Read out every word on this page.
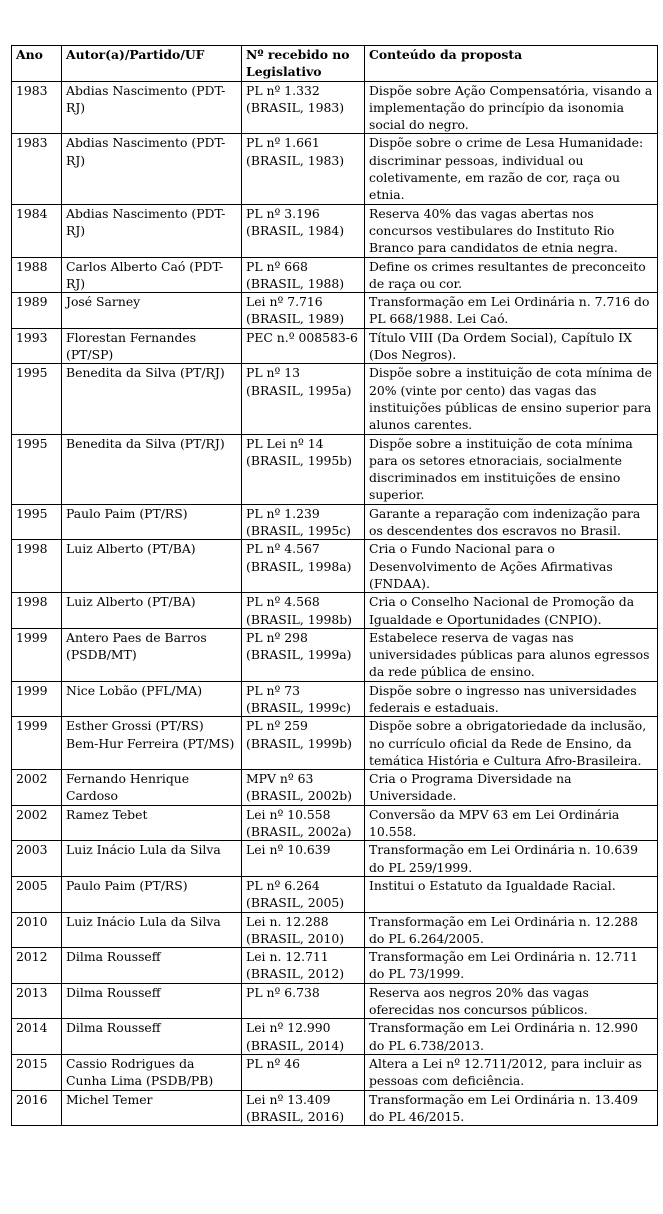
Ano	Autor(a)/Partido/UF	Nº recebido no Legislativo	Conteúdo da proposta
1983	Abdias Nascimento (PDT-RJ)	PL nº 1.332 (BRASIL, 1983)	Dispõe sobre Ação Compensatória, visando a implementação do princípio da isonomia social do negro.
1983	Abdias Nascimento (PDT-RJ)	PL nº 1.661 (BRASIL, 1983)	Dispõe sobre o crime de Lesa Humanidade: discriminar pessoas, individual ou coletivamente, em razão de cor, raça ou etnia.
1984	Abdias Nascimento (PDT-RJ)	PL nº 3.196 (BRASIL, 1984)	Reserva 40% das vagas abertas nos concursos vestibulares do Instituto Rio Branco para candidatos de etnia negra.
1988	Carlos Alberto Caó (PDT-RJ)	PL nº 668 (BRASIL, 1988)	Define os crimes resultantes de preconceito de raça ou cor.
1989	José Sarney	Lei nº 7.716 (BRASIL, 1989)	Transformação em Lei Ordinária n. 7.716 do PL 668/1988. Lei Caó.
1993	Florestan Fernandes (PT/SP)	PEC n.º 008583-6	Título VIII (Da Ordem Social), Capítulo IX (Dos Negros).
1995	Benedita da Silva (PT/RJ)	PL nº 13 (BRASIL, 1995a)	Dispõe sobre a instituição de cota mínima de 20% (vinte por cento) das vagas das instituições públicas de ensino superior para alunos carentes.
1995	Benedita da Silva (PT/RJ)	PL Lei nº 14 (BRASIL, 1995b)	Dispõe sobre a instituição de cota mínima para os setores etnoraciais, socialmente discriminados em instituições de ensino superior.
1995	Paulo Paim (PT/RS)	PL nº 1.239 (BRASIL, 1995c)	Garante a reparação com indenização para os descendentes dos escravos no Brasil.
1998	Luiz Alberto (PT/BA)	PL nº 4.567 (BRASIL, 1998a)	Cria o Fundo Nacional para o Desenvolvimento de Ações Afirmativas (FNDAA).
1998	Luiz Alberto (PT/BA)	PL nº 4.568 (BRASIL, 1998b)	Cria o Conselho Nacional de Promoção da Igualdade e Oportunidades (CNPIO).
1999	Antero Paes de Barros (PSDB/MT)	PL nº 298 (BRASIL, 1999a)	Estabelece reserva de vagas nas universidades públicas para alunos egressos da rede pública de ensino.
1999	Nice Lobão (PFL/MA)	PL nº 73 (BRASIL, 1999c)	Dispõe sobre o ingresso nas universidades federais e estaduais.
1999	Esther Grossi (PT/RS) Bem-Hur Ferreira (PT/MS)	PL nº 259 (BRASIL, 1999b)	Dispõe sobre a obrigatoriedade da inclusão, no currículo oficial da Rede de Ensino, da temática História e Cultura Afro-Brasileira.
2002	Fernando Henrique Cardoso	MPV nº 63 (BRASIL, 2002b)	Cria o Programa Diversidade na Universidade.
2002	Ramez Tebet	Lei nº 10.558 (BRASIL, 2002a)	Conversão da MPV 63 em Lei Ordinária 10.558.
2003	Luiz Inácio Lula da Silva	Lei nº 10.639	Transformação em Lei Ordinária n. 10.639 do PL 259/1999.
2005	Paulo Paim (PT/RS)	PL nº 6.264 (BRASIL, 2005)	Institui o Estatuto da Igualdade Racial.
2010	Luiz Inácio Lula da Silva	Lei n. 12.288 (BRASIL, 2010)	Transformação em Lei Ordinária n. 12.288 do PL 6.264/2005.
2012	Dilma Rousseff	Lei n. 12.711 (BRASIL, 2012)	Transformação em Lei Ordinária n. 12.711 do PL 73/1999.
2013	Dilma Rousseff	PL nº 6.738	Reserva aos negros 20% das vagas oferecidas nos concursos públicos.
2014	Dilma Rousseff	Lei nº 12.990 (BRASIL, 2014)	Transformação em Lei Ordinária n. 12.990 do PL 6.738/2013.
2015	Cassio Rodrigues da Cunha Lima (PSDB/PB)	PL nº 46	Altera a Lei nº 12.711/2012, para incluir as pessoas com deficiência.
2016	Michel Temer	Lei nº 13.409 (BRASIL, 2016)	Transformação em Lei Ordinária n. 13.409 do PL 46/2015.
